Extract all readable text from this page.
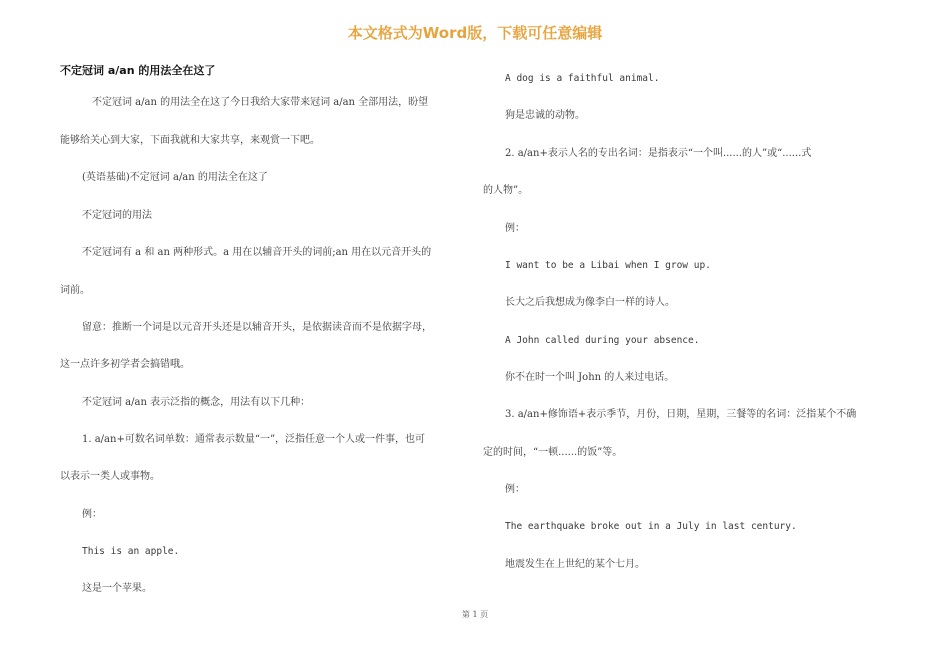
本文格式为Word版，下载可任意编辑

不定冠词 a/an 的用法全在这了

不定冠词 a/an 的用法全在这了今日我给大家带来冠词 a/an 全部用法，盼望

能够给关心到大家，下面我就和大家共享，来观赏一下吧。

(英语基础)不定冠词 a/an 的用法全在这了

不定冠词的用法

不定冠词有 a 和 an 两种形式。a 用在以辅音开头的词前;an 用在以元音开头的

词前。

留意：推断一个词是以元音开头还是以辅音开头，是依据读音而不是依据字母，

这一点许多初学者会搞错哦。

不定冠词 a/an 表示泛指的概念，用法有以下几种：

1. a/an+可数名词单数：通常表示数量“一”，泛指任意一个人或一件事，也可

以表示一类人或事物。

例：

This is an apple.

这是一个苹果。

A dog is a faithful animal.

狗是忠诚的动物。

2. a/an+表示人名的专出名词：是指表示“一个叫......的人”或“......式

的人物”。

例：

I want to be a Libai when I grow up.

长大之后我想成为像李白一样的诗人。

A John called during your absence.

你不在时一个叫 John 的人来过电话。

3. a/an+修饰语+表示季节，月份，日期，星期，三餐等的名词：泛指某个不确

定的时间，“一顿......的饭”等。

例：

The earthquake broke out in a July in last century.

地震发生在上世纪的某个七月。

第 1 页
